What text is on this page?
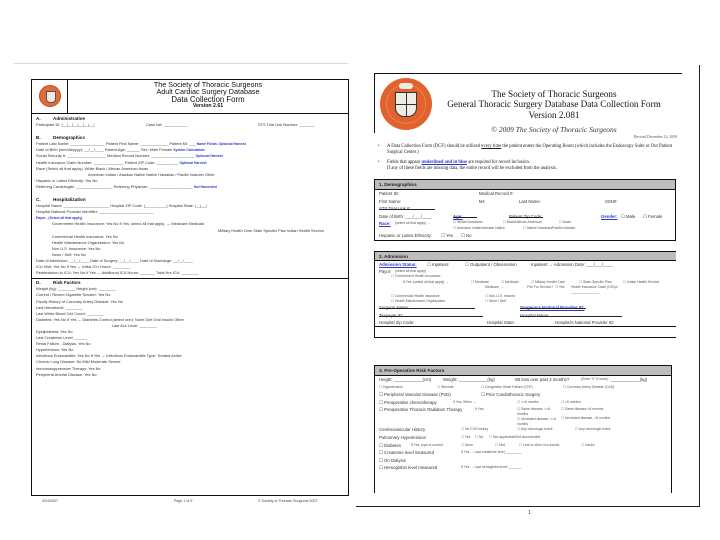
The Society of Thoracic Surgeons
Adult Cardiac Surgery Database
Data Collection Form
Version 2.61
A.	Administrative
Participant ID: |__|__|__|__|__|__|	Case Id#: ___________	STS Trial Link Number: _______
B.	Demographics
Patient Last Name: ________________ Patient First Name: _____________ Patient MI: ___ Name Fields: Optional Harvest
Date of Birth (mm/dd/yyyy): __/__/____ Patient Age: ______ Sex: Male Female System Calculation
Social Security #: __________________ Medical Record Number: ____________________ Optional Harvest
Health Insurance Claim Number: ______________ Patient ZIP Code: __________ Optional Harvest
Race (Select all that apply): White Black / African American Asian
American Indian / Alaskan Native Native Hawaiian / Pacific Islander Other
Hispanic or Latino Ethnicity: Yes No
Referring Cardiologist: _________________ Referring Physician: ____________________ Not Harvested
C.	Hospitalization
Hospital Name: _____________________ Hospital ZIP Code: |__________| Hospital State: |__|__|
Hospital National Provider Identifier: _________________________
Payor - (Select all that apply)
Government Health Insurance: Yes No If Yes, select all that apply: → Medicare Medicaid
Military Health Care State Specific Plan Indian Health Service
Commercial Health Insurance: Yes No
Health Maintenance Organization: Yes No
Non U.S. Insurance: Yes No
None / Self: Yes No
Date of Admission: __/__/____ Date of Surgery: __/__/____ Date of Discharge: __/__/____
ICU Visit: Yes No If Yes → Initial ICU Hours: ________
Readmission to ICU: Yes No If Yes → Additional ICU Hours: _______ Total Hrs ICU: ________
D.	Risk Factors
Weight (kg): ________ Height (cm): ________
Current / Recent Cigarette Smoker: Yes No
Family History of Coronary Artery Disease: Yes No
Last Hematocrit: ________
Last White Blood Cell Count: ________
Diabetes: Yes No If Yes → Diabetes Control (select one): None Diet Oral Insulin Other
Last A1c Level: ________
Dyslipidemia: Yes No
Last Creatinine Level: ______
Renal Failure - Dialysis: Yes No
Hypertension: Yes No
Infectious Endocarditis: Yes No If Yes → Infectious Endocarditis Type: Treated Active
Chronic Lung Disease: No Mild Moderate Severe
Immunosuppressive Therapy: Yes No
Peripheral Arterial Disease: Yes No
4/24/2007	Page 1 of 9	© Society of Thoracic Surgeons 2007
The Society of Thoracic Surgeons
General Thoracic Surgery Database Data Collection Form
Version 2.081
© 2009 The Society of Thoracic Surgeons
Revised December 14, 2009
• A Data Collection Form (DCF) should be utilized every time the patient enters the Operating Room (which includes the Endoscopy Suite or Out Patient Surgical Center.)
• Fields that appear underlined and in blue are required for record inclusion.
If any of these fields are missing data, the entire record will be excluded from the analysis.
1. Demographics
Patient ID:	Medical Record #:
First Name:	MI:	Last Name:	SSN#:
STS Trial Link #:
Date of Birth: ___/___/____	Age:	Patient Zip Code:	Gender: ☐ Male ☐ Female
Race: (select all that apply) →	☐ White/Caucasian	☐ Black/African American	☐ Asian
☐ American Indian/Alaskan Native	☐ Native Hawaiian/Pacific Islander
Hispanic or Latino Ethnicity: ☐ Yes ☐ No
2. Admission
Admission Status: ☐ Inpatient	☐ Outpatient / Observation	Inpatient → Admission Date: ___/___/____
Payor: (select all that apply)
☐ Government Health Insurance:
If Yes: (select all that apply) →	☐ Medicare	☐ Medicaid	☐ Military Health Care	☐ State-Specific Plan	☐ Indian Health Service
Medicare →	Fee For Service? ☐ Yes Health Insurance Claim (HIC)#: _______________
☐ Commercial Health Insurance	☐ Non-U.S. Insured
☐ Health Maintenance Organization	☐ None / Self
Surgeon Name:	Surgeon's National Provider ID:
Taxpayer ID:	Hospital Name:
Hospital Zip Code:	Hospital State:	Hospital's National Provider ID:
3. Pre-Operative Risk Factors
Height: ____________(cm)	Weight: ____________(kg)	Wt loss over past 3 months?	(Enter "0" if none) ____________(kg)
☐ Hypertension	☐ Steroids	☐ Congestive Heart Failure (CHF)	☐ Coronary Artery Disease (CAD)
☐ Peripheral Vascular Disease (PVD)	☐ Prior Cardiothoracic Surgery
☐ Preoperative chemotherapy	If Yes, When →	☐ <=6 months	☐ >6 months
☐ Preoperative Thoracic Radiation Therapy	If Yes:	☐ Same disease, <=6 months
☐ Same disease >6 months
☐ Unrelated disease, <=6 months
☐ Unrelated disease, >6 months
Cerebrovascular History	☐ No CVD history	☐ Any neurologic event	☐ Any neurologic event
Pulmonary Hypertension	☐ Yes ☐ No ☐ Not applicable/Not documented
☐ Diabetes	If Yes, type of control:	☐ None	☐ Diet	☐ Oral or other non-insulin	☐ Insulin
☐ Creatinine level measured	If Yes → Last creatinine level_________
☐ On Dialysis
☐ Hemoglobin level measured	If Yes → Last hemoglobin level _______
1
